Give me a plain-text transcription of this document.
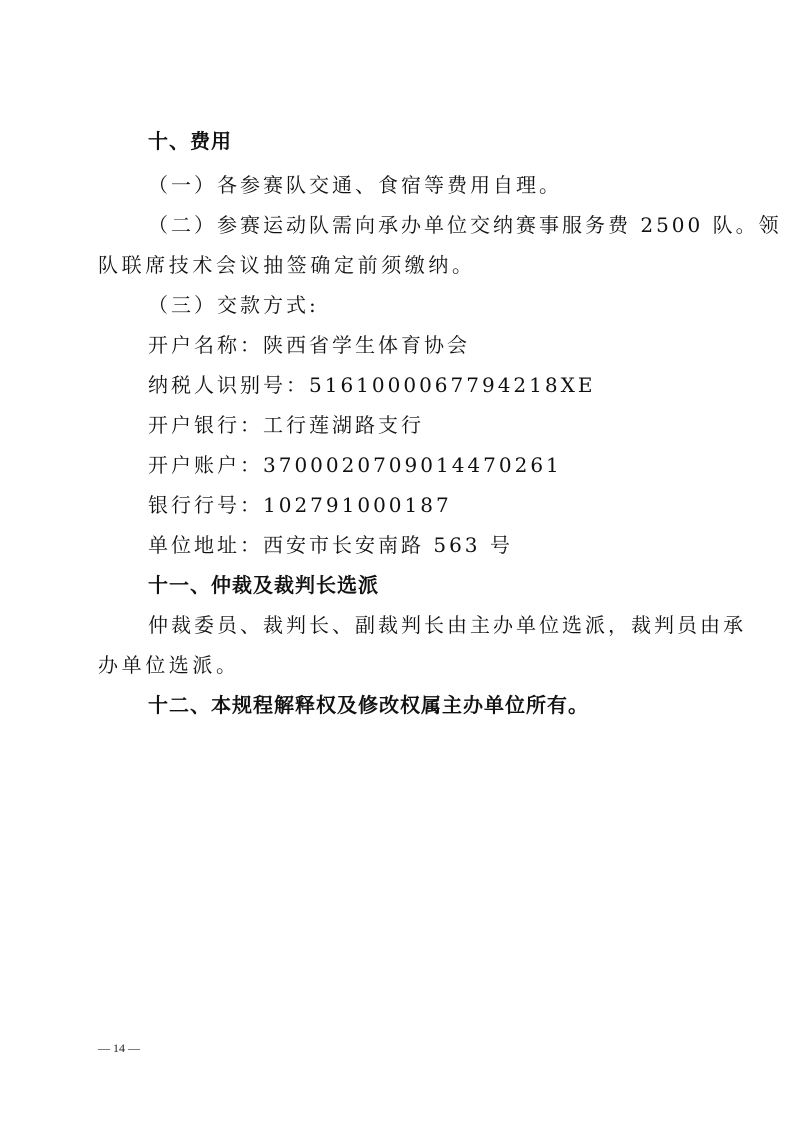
十、费用
（一）各参赛队交通、食宿等费用自理。
（二）参赛运动队需向承办单位交纳赛事服务费 2500 队。领
队联席技术会议抽签确定前须缴纳。
（三）交款方式:
开户名称：陕西省学生体育协会
纳税人识别号：5161000067794218XE
开户银行：工行莲湖路支行
开户账户：3700020709014470261
银行行号：102791000187
单位地址：西安市长安南路 563 号
十一、仲裁及裁判长选派
仲裁委员、裁判长、副裁判长由主办单位选派，裁判员由承
办单位选派。
十二、本规程解释权及修改权属主办单位所有。
— 14 —
